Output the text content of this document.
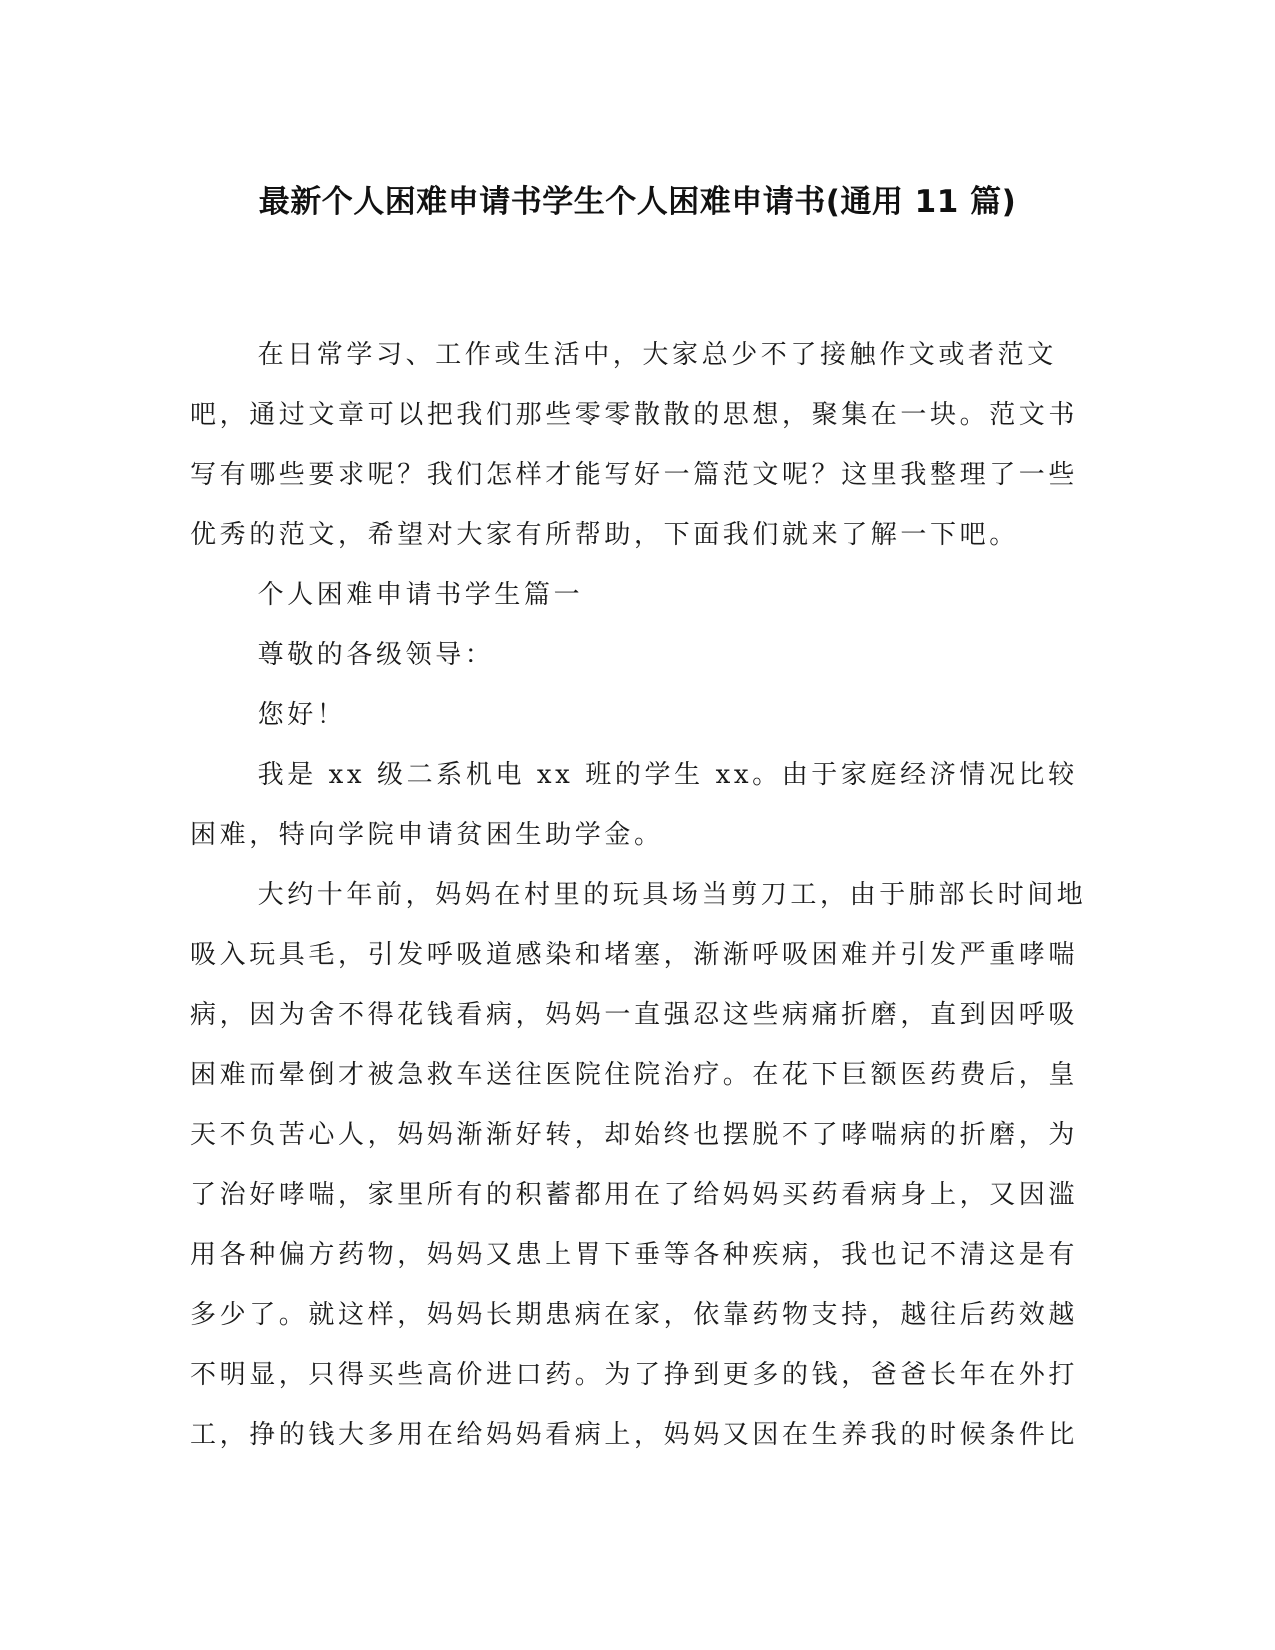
最新个人困难申请书学生个人困难申请书(通用 11 篇)

在日常学习、工作或生活中，大家总少不了接触作文或者范文吧，通过文章可以把我们那些零零散散的思想，聚集在一块。范文书写有哪些要求呢？我们怎样才能写好一篇范文呢？这里我整理了一些优秀的范文，希望对大家有所帮助，下面我们就来了解一下吧。

个人困难申请书学生篇一

尊敬的各级领导：

您好！

我是 xx 级二系机电 xx 班的学生 xx。由于家庭经济情况比较困难，特向学院申请贫困生助学金。

大约十年前，妈妈在村里的玩具场当剪刀工，由于肺部长时间地吸入玩具毛，引发呼吸道感染和堵塞，渐渐呼吸困难并引发严重哮喘病，因为舍不得花钱看病，妈妈一直强忍这些病痛折磨，直到因呼吸困难而晕倒才被急救车送往医院住院治疗。在花下巨额医药费后，皇天不负苦心人，妈妈渐渐好转，却始终也摆脱不了哮喘病的折磨，为了治好哮喘，家里所有的积蓄都用在了给妈妈买药看病身上，又因滥用各种偏方药物，妈妈又患上胃下垂等各种疾病，我也记不清这是有多少了。就这样，妈妈长期患病在家，依靠药物支持，越往后药效越不明显，只得买些高价进口药。为了挣到更多的钱，爸爸长年在外打工，挣的钱大多用在给妈妈看病上，妈妈又因在生养我的时候条件比
